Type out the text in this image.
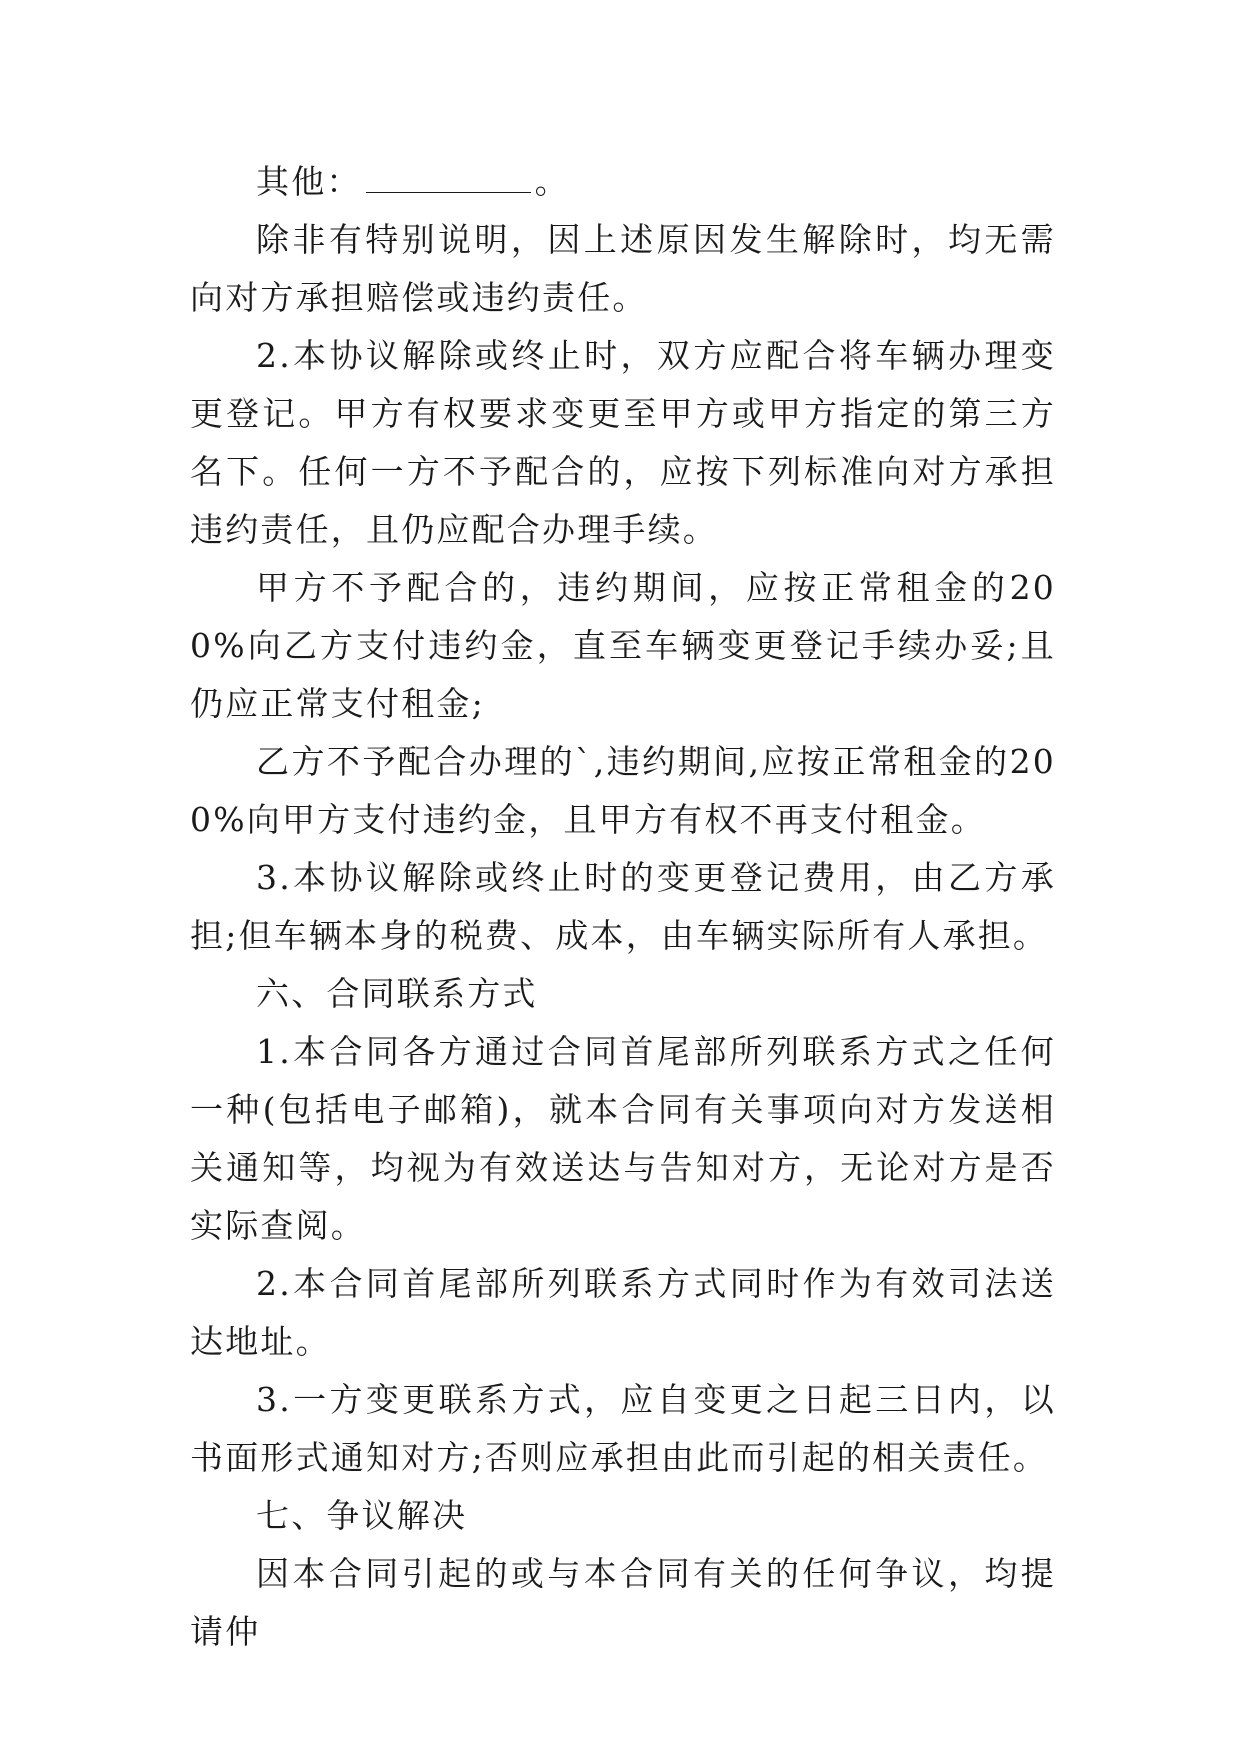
其他：	。

除非有特别说明，因上述原因发生解除时，均无需向对方承担赔偿或违约责任。

2.本协议解除或终止时，双方应配合将车辆办理变更登记。甲方有权要求变更至甲方或甲方指定的第三方名下。任何一方不予配合的，应按下列标准向对方承担违约责任，且仍应配合办理手续。

甲方不予配合的，违约期间，应按正常租金的200%向乙方支付违约金，直至车辆变更登记手续办妥;且仍应正常支付租金;

乙方不予配合办理的`,违约期间,应按正常租金的200%向甲方支付违约金，且甲方有权不再支付租金。

3.本协议解除或终止时的变更登记费用，由乙方承担;但车辆本身的税费、成本，由车辆实际所有人承担。

六、合同联系方式

1.本合同各方通过合同首尾部所列联系方式之任何一种(包括电子邮箱)，就本合同有关事项向对方发送相关通知等，均视为有效送达与告知对方，无论对方是否实际查阅。

2.本合同首尾部所列联系方式同时作为有效司法送达地址。

3.一方变更联系方式，应自变更之日起三日内，以书面形式通知对方;否则应承担由此而引起的相关责任。

七、争议解决

因本合同引起的或与本合同有关的任何争议，均提请仲
